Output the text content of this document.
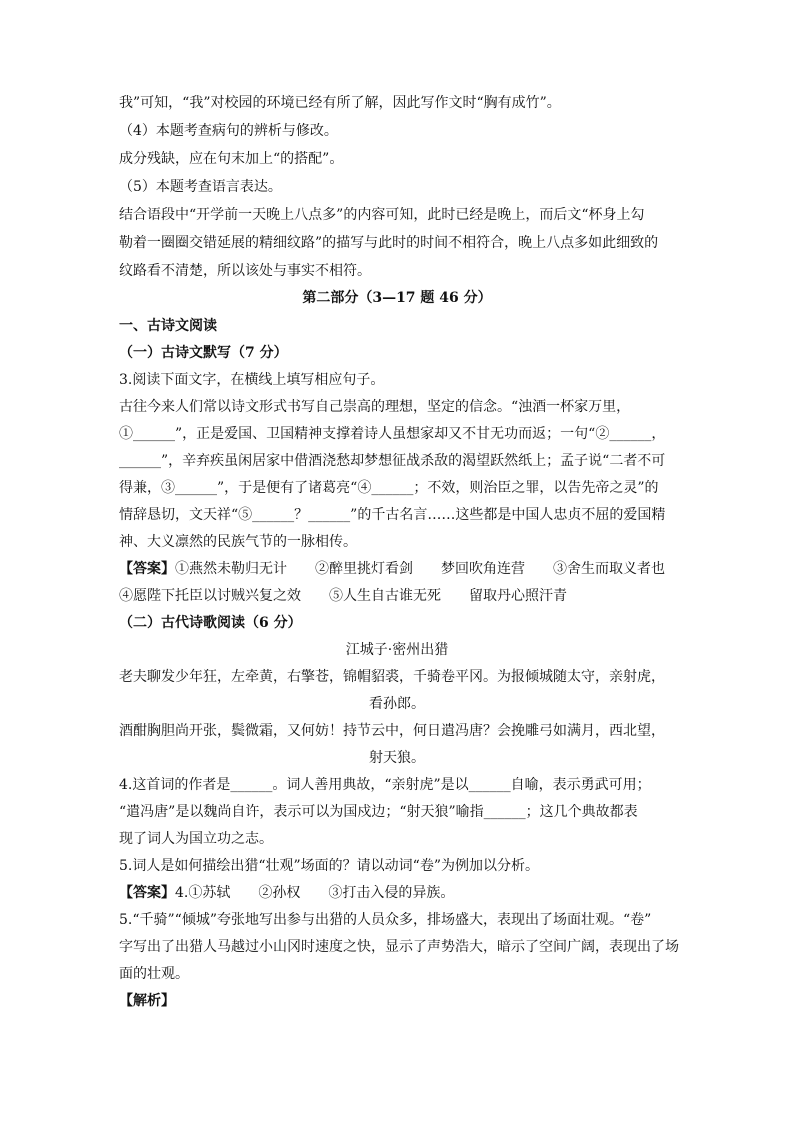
我”可知，“我”对校园的环境已经有所了解，因此写作文时“胸有成竹”。
（4）本题考查病句的辨析与修改。
成分残缺，应在句末加上“的搭配”。
（5）本题考查语言表达。
结合语段中“开学前一天晚上八点多”的内容可知，此时已经是晚上，而后文“杯身上勾
勒着一圈圈交错延展的精细纹路”的描写与此时的时间不相符合，晚上八点多如此细致的
纹路看不清楚，所以该处与事实不相符。
第二部分（3—17 题 46 分）
一、古诗文阅读
（一）古诗文默写（7 分）
3.阅读下面文字，在横线上填写相应句子。
古往今来人们常以诗文形式书写自己崇高的理想，坚定的信念。“浊酒一杯家万里，
①______”，正是爱国、卫国精神支撑着诗人虽想家却又不甘无功而返；一句“②______，
______”，辛弃疾虽闲居家中借酒浇愁却梦想征战杀敌的渴望跃然纸上；孟子说“二者不可
得兼，③______”，于是便有了诸葛亮“④______；不效，则治臣之罪，以告先帝之灵”的
情辞恳切，文天祥“⑤______？______”的千古名言……这些都是中国人忠贞不屈的爱国精
神、大义凛然的民族气节的一脉相传。
【答案】①燕然未勒归无计　　②醉里挑灯看剑　　梦回吹角连营　　③舍生而取义者也
④愿陛下托臣以讨贼兴复之效　　⑤人生自古谁无死　　留取丹心照汗青
（二）古代诗歌阅读（6 分）
江城子·密州出猎
老夫聊发少年狂，左牵黄，右擎苍，锦帽貂裘，千骑卷平冈。为报倾城随太守，亲射虎，
看孙郎。
酒酣胸胆尚开张，鬓微霜，又何妨！持节云中，何日遣冯唐？会挽雕弓如满月，西北望，
射天狼。
4.这首词的作者是______。词人善用典故，“亲射虎”是以______自喻，表示勇武可用；
“遣冯唐”是以魏尚自许，表示可以为国戍边；“射天狼”喻指______；这几个典故都表
现了词人为国立功之志。
5.词人是如何描绘出猎“壮观”场面的？请以动词“卷”为例加以分析。
【答案】4.①苏轼　　②孙权　　③打击入侵的异族。
5.“千骑”“倾城”夸张地写出参与出猎的人员众多，排场盛大，表现出了场面壮观。“卷”
字写出了出猎人马越过小山冈时速度之快，显示了声势浩大，暗示了空间广阔，表现出了场
面的壮观。
【解析】
